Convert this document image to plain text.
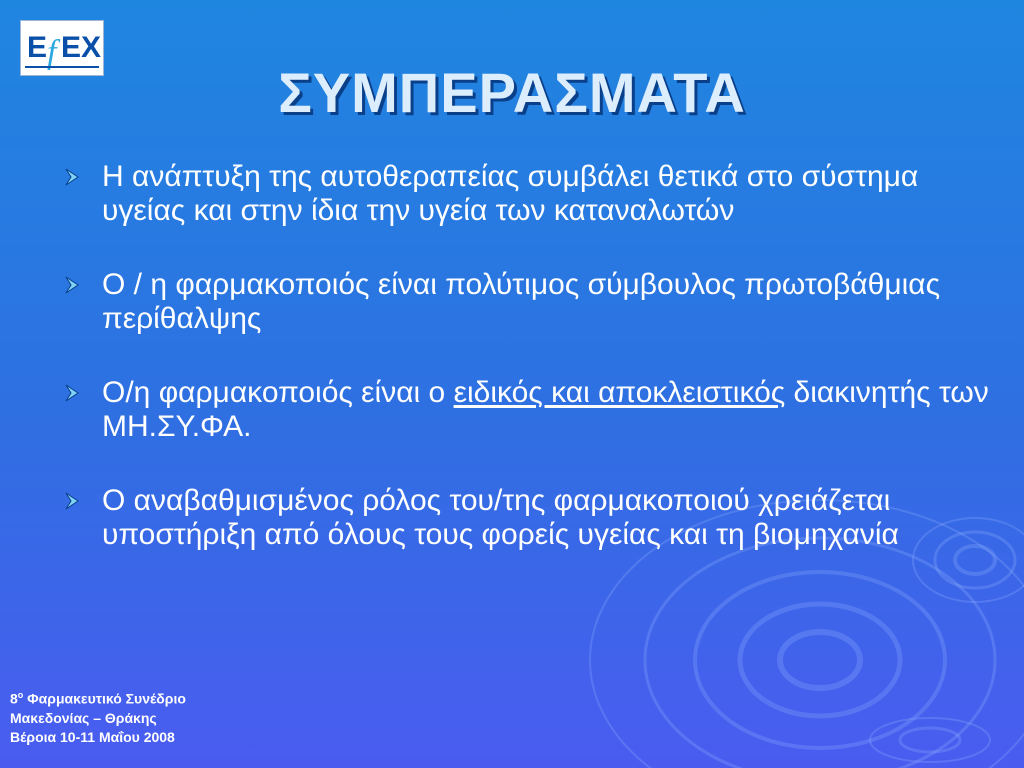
E f EX
ΣΥΜΠΕΡΑΣΜΑΤΑ
Η ανάπτυξη της αυτοθεραπείας συμβάλει θετικά στο σύστημα υγείας και στην ίδια την υγεία των καταναλωτών
Ο / η φαρμακοποιός είναι πολύτιμος σύμβουλος πρωτοβάθμιας περίθαλψης
Ο/η φαρμακοποιός είναι ο ειδικός και αποκλειστικός διακινητής των ΜΗ.ΣΥ.ΦΑ.
Ο αναβαθμισμένος ρόλος του/της φαρμακοποιού χρειάζεται υποστήριξη από όλους τους φορείς υγείας και τη βιομηχανία
$8^o$ Φαρμακευτικό Συνέδριο
Μακεδονίας – Θράκης
Βέροια 10-11 Μαΐου 2008
